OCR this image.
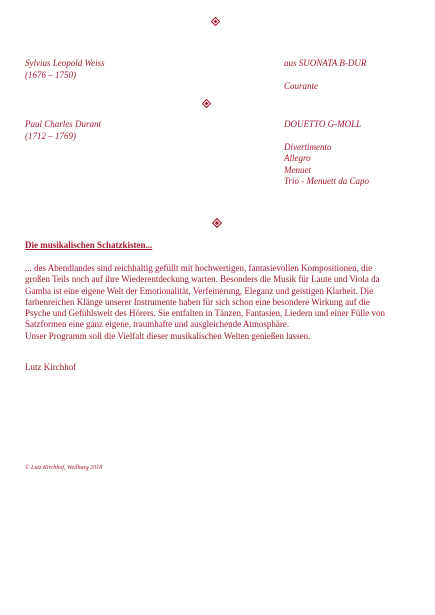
Sylvius Leopold Weiss
(1676 – 1750)
aus SUONATA B-DUR
Courante
Paul Charles Durant
(1712 – 1769)
DOUETTO G-MOLL
Divertimento
Allegro
Menuet
Trio - Menuett da Capo
Die musikalischen Schatzkisten...
... des Abendlandes sind reichhaltig gefüllt mit hochwertigen, fantasievollen Kompositionen, die großen Teils noch auf ihre Wiederentdeckung warten. Besonders die Musik für Laute und Viola da Gamba ist eine eigene Welt der Emotionalität, Verfeinerung, Eleganz und geistigen Klarheit. Die farbenreichen Klänge unserer Instrumente haben für sich schon eine besondere Wirkung auf die Psyche und Gefühlswelt des Hörers. Sie entfalten in Tänzen, Fantasien, Liedern und einer Fülle von Satzformen eine ganz eigene, traumhafte und ausgleichende Atmosphäre.
Unser Programm soll die Vielfalt dieser musikalischen Welten genießen lassen.
Lutz Kirchhof
© Lutz Kirchhof, Weilburg 2018
